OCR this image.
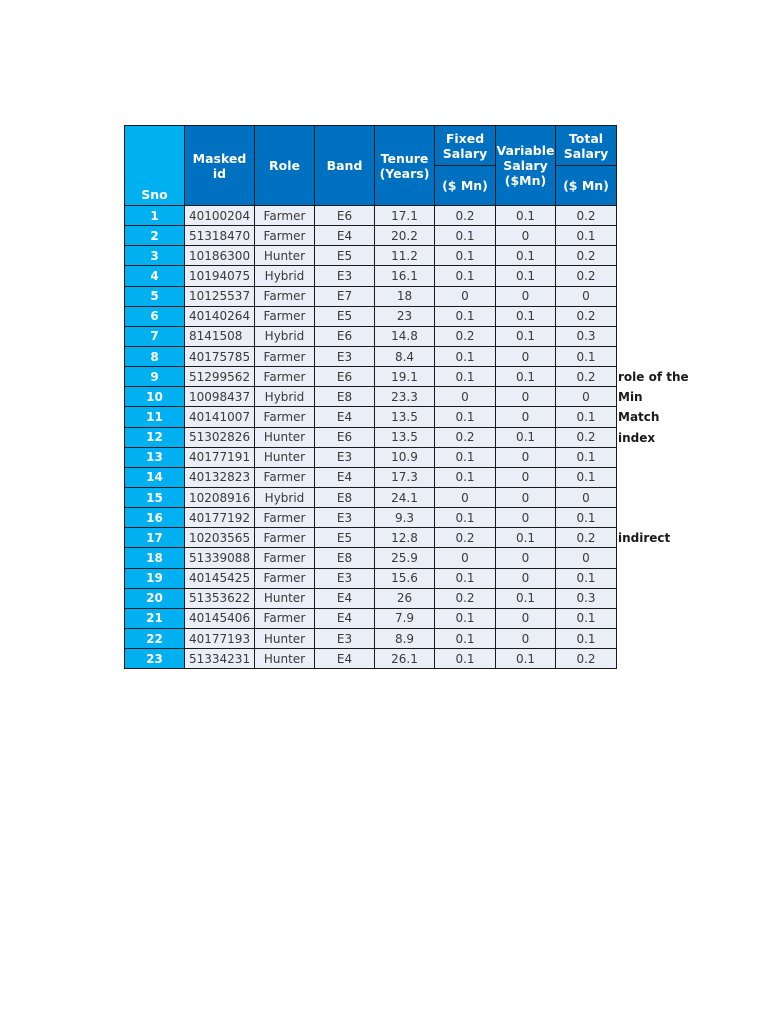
Sno	Masked id	Role	Band	Tenure (Years)	Fixed Salary	Variable Salary ($Mn)	Total Salary
					($ Mn)		($ Mn)
1	40100204	Farmer	E6	17.1	0.2	0.1	0.2
2	51318470	Farmer	E4	20.2	0.1	0	0.1
3	10186300	Hunter	E5	11.2	0.1	0.1	0.2
4	10194075	Hybrid	E3	16.1	0.1	0.1	0.2
5	10125537	Farmer	E7	18	0	0	0
6	40140264	Farmer	E5	23	0.1	0.1	0.2
7	8141508	Hybrid	E6	14.8	0.2	0.1	0.3
8	40175785	Farmer	E3	8.4	0.1	0	0.1
9	51299562	Farmer	E6	19.1	0.1	0.1	0.2
10	10098437	Hybrid	E8	23.3	0	0	0
11	40141007	Farmer	E4	13.5	0.1	0	0.1
12	51302826	Hunter	E6	13.5	0.2	0.1	0.2
13	40177191	Hunter	E3	10.9	0.1	0	0.1
14	40132823	Farmer	E4	17.3	0.1	0	0.1
15	10208916	Hybrid	E8	24.1	0	0	0
16	40177192	Farmer	E3	9.3	0.1	0	0.1
17	10203565	Farmer	E5	12.8	0.2	0.1	0.2
18	51339088	Farmer	E8	25.9	0	0	0
19	40145425	Farmer	E3	15.6	0.1	0	0.1
20	51353622	Hunter	E4	26	0.2	0.1	0.3
21	40145406	Farmer	E4	7.9	0.1	0	0.1
22	40177193	Hunter	E3	8.9	0.1	0	0.1
23	51334231	Hunter	E4	26.1	0.1	0.1	0.2
role of the
Min
Match
index
indirect
